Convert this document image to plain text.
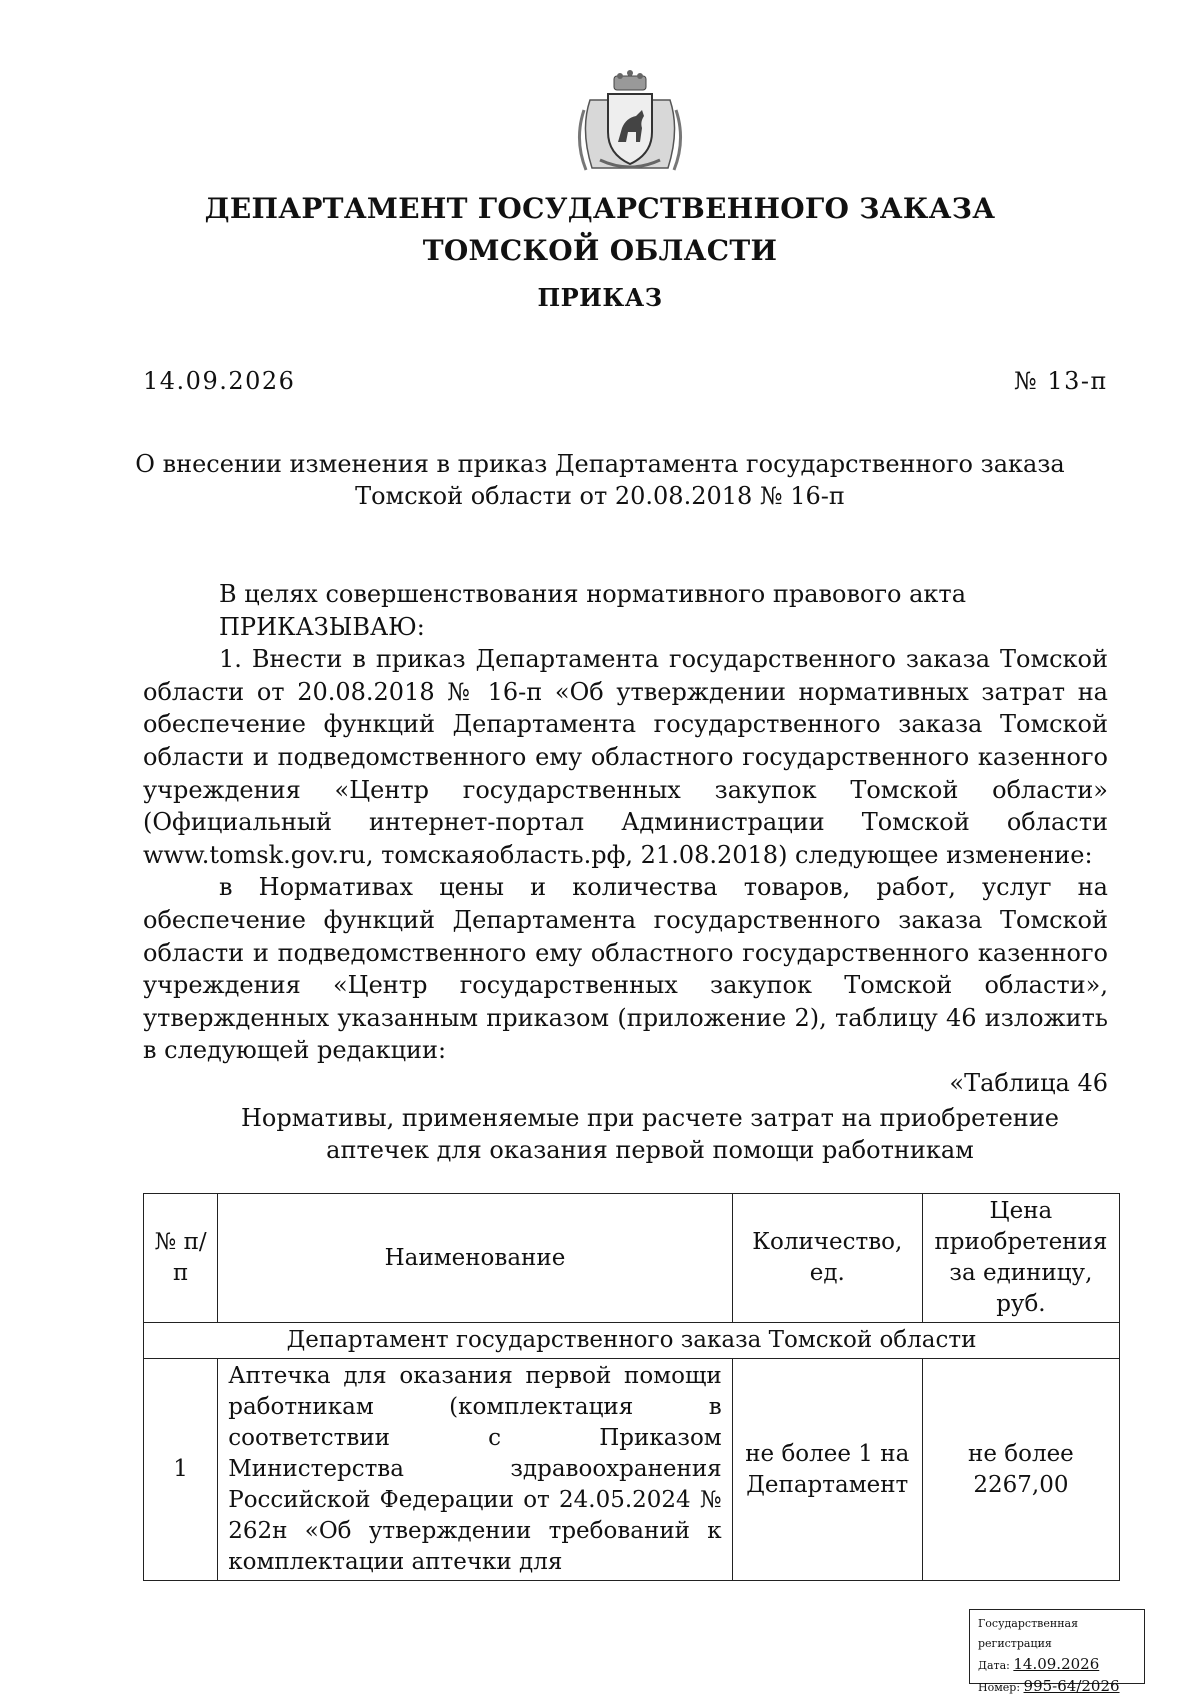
ДЕПАРТАМЕНТ ГОСУДАРСТВЕННОГО ЗАКАЗА
ТОМСКОЙ ОБЛАСТИ
ПРИКАЗ
14.09.2026	№ 13-п
О внесении изменения в приказ Департамента государственного заказа
Томской области от 20.08.2018 № 16-п

В целях совершенствования нормативного правового акта

ПРИКАЗЫВАЮ:

1. Внести в приказ Департамента государственного заказа Томской области от 20.08.2018 № 16-п «Об утверждении нормативных затрат на обеспечение функций Департамента государственного заказа Томской области и подведомственного ему областного государственного казенного учреждения «Центр государственных закупок Томской области» (Официальный интернет-портал Администрации Томской области www.tomsk.gov.ru, томскаяобласть.рф, 21.08.2018) следующее изменение:

в Нормативах цены и количества товаров, работ, услуг на обеспечение функций Департамента государственного заказа Томской области и подведомственного ему областного государственного казенного учреждения «Центр государственных закупок Томской области», утвержденных указанным приказом (приложение 2), таблицу 46 изложить в следующей редакции:

«Таблица 46

Нормативы, применяемые при расчете затрат на приобретение
аптечек для оказания первой помощи работникам
№ п/п	Наименование	Количество, ед.	Цена приобретения за единицу, руб.
Департамент государственного заказа Томской области			
1	Аптечка для оказания первой помощи работникам (комплектация в соответствии с Приказом Министерства здравоохранения Российской Федерации от 24.05.2024 № 262н «Об утверждении требований к комплектации аптечки для	не более 1 на Департамент	не более 2267,00
Государственная регистрация
Дата: 14.09.2026
Номер: 995-64/2026
